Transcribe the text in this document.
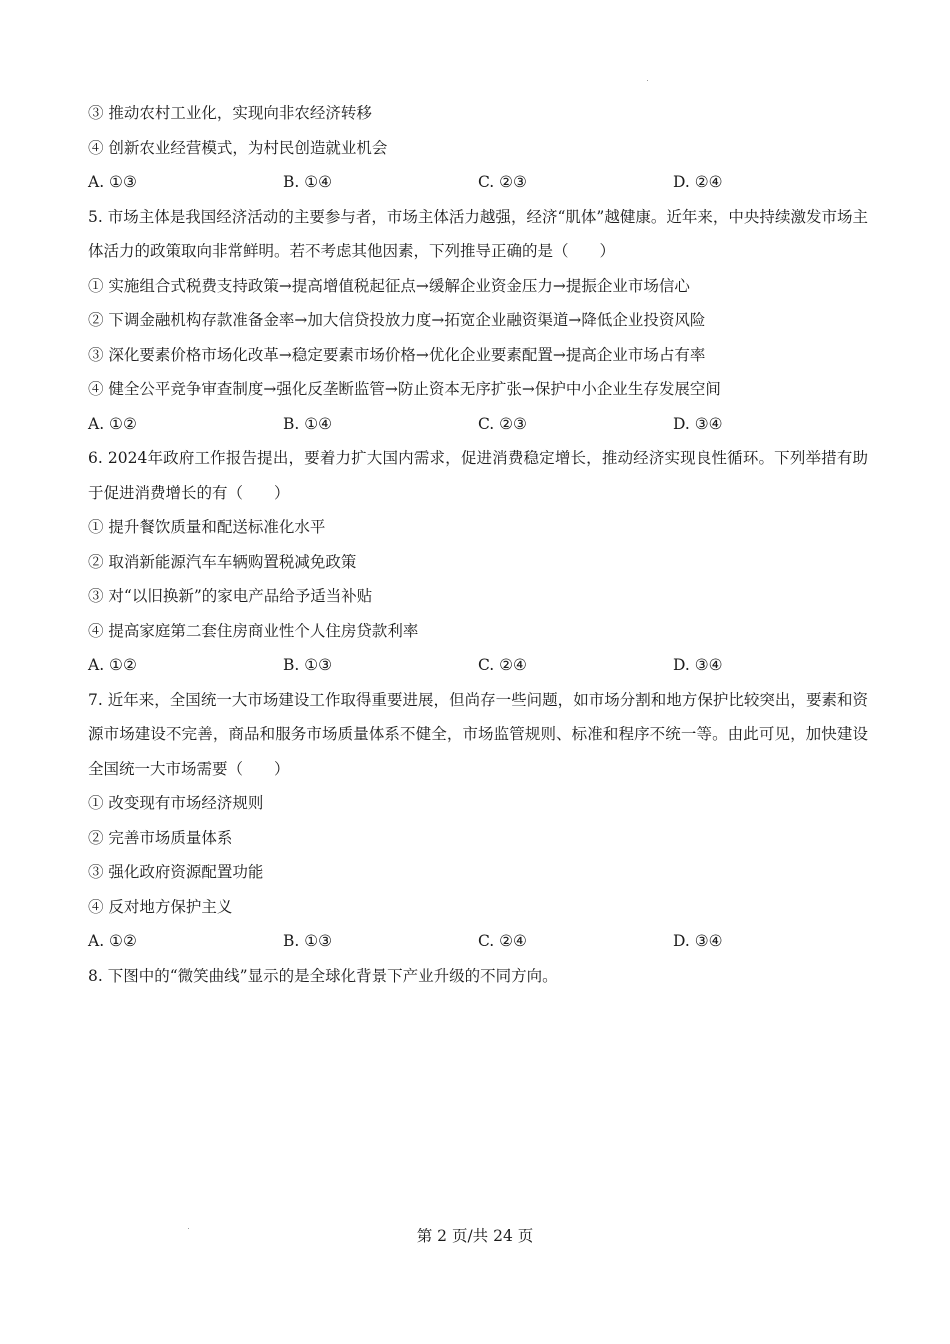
③ 推动农村工业化，实现向非农经济转移
④ 创新农业经营模式，为村民创造就业机会
A. ①③	B. ①④	C. ②③	D. ②④
5. 市场主体是我国经济活动的主要参与者，市场主体活力越强，经济“肌体”越健康。近年来，中央持续激发市场主体活力的政策取向非常鲜明。若不考虑其他因素，下列推导正确的是（　　）
① 实施组合式税费支持政策→提高增值税起征点→缓解企业资金压力→提振企业市场信心
② 下调金融机构存款准备金率→加大信贷投放力度→拓宽企业融资渠道→降低企业投资风险
③ 深化要素价格市场化改革→稳定要素市场价格→优化企业要素配置→提高企业市场占有率
④ 健全公平竞争审查制度→强化反垄断监管→防止资本无序扩张→保护中小企业生存发展空间
A. ①②	B. ①④	C. ②③	D. ③④
6. 2024年政府工作报告提出，要着力扩大国内需求，促进消费稳定增长，推动经济实现良性循环。下列举措有助于促进消费增长的有（　　）
① 提升餐饮质量和配送标准化水平
② 取消新能源汽车车辆购置税减免政策
③ 对“以旧换新”的家电产品给予适当补贴
④ 提高家庭第二套住房商业性个人住房贷款利率
A. ①②	B. ①③	C. ②④	D. ③④
7. 近年来，全国统一大市场建设工作取得重要进展，但尚存一些问题，如市场分割和地方保护比较突出，要素和资源市场建设不完善，商品和服务市场质量体系不健全，市场监管规则、标准和程序不统一等。由此可见，加快建设全国统一大市场需要（　　）
① 改变现有市场经济规则
② 完善市场质量体系
③ 强化政府资源配置功能
④ 反对地方保护主义
A. ①②	B. ①③	C. ②④	D. ③④
8. 下图中的“微笑曲线”显示的是全球化背景下产业升级的不同方向。
第 2 页/共 24 页
